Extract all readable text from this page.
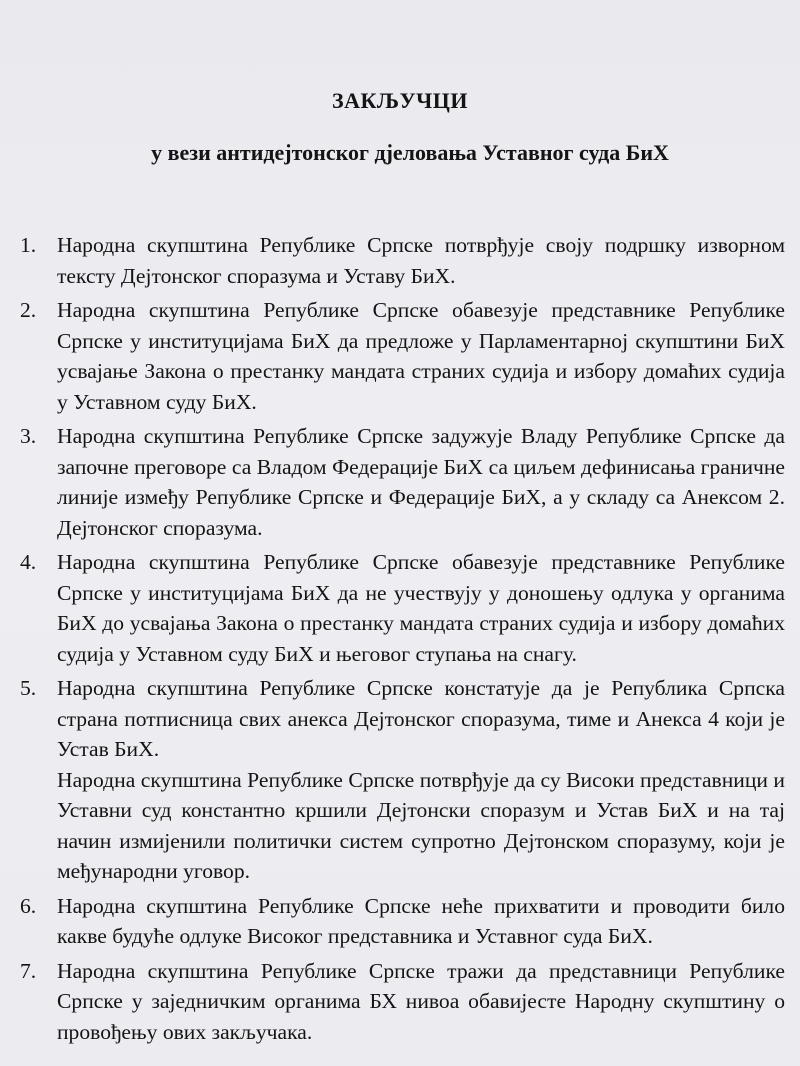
ЗАКЉУЧЦИ
у вези антидејтонског дјеловања Уставног суда БиХ
1. Народна скупштина Републике Српске потврђује своју подршку изворном тексту Дејтонског споразума и Уставу БиХ.
2. Народна скупштина Републике Српске обавезује представнике Републике Српске у институцијама БиХ да предложе у Парламентарној скупштини БиХ усвајање Закона о престанку мандата страних судија и избору домаћих судија у Уставном суду БиХ.
3. Народна скупштина Републике Српске задужује Владу Републике Српске да започне преговоре са Владом Федерације БиХ са циљем дефинисања граничне линије између Републике Српске и Федерације БиХ, а у складу са Анексом 2. Дејтонског споразума.
4. Народна скупштина Републике Српске обавезује представнике Републике Српске у институцијама БиХ да не учествују у доношењу одлука у органима БиХ до усвајања Закона о престанку мандата страних судија и избору домаћих судија у Уставном суду БиХ и његовог ступања на снагу.
5. Народна скупштина Републике Српске констатује да је Република Српска страна потписница свих анекса Дејтонског споразума, тиме и Анекса 4 који је Устав БиХ.
Народна скупштина Републике Српске потврђује да су Високи представници и Уставни суд константно кршили Дејтонски споразум и Устав БиХ и на тај начин измијенили политички систем супротно Дејтонском споразуму, који је међународни уговор.
6. Народна скупштина Републике Српске неће прихватити и проводити било какве будуће одлуке Високог представника и Уставног суда БиХ.
7. Народна скупштина Републике Српске тражи да представници Републике Српске у заједничким органима БХ нивоа обавијесте Народну скупштину о провођењу ових закључака.
